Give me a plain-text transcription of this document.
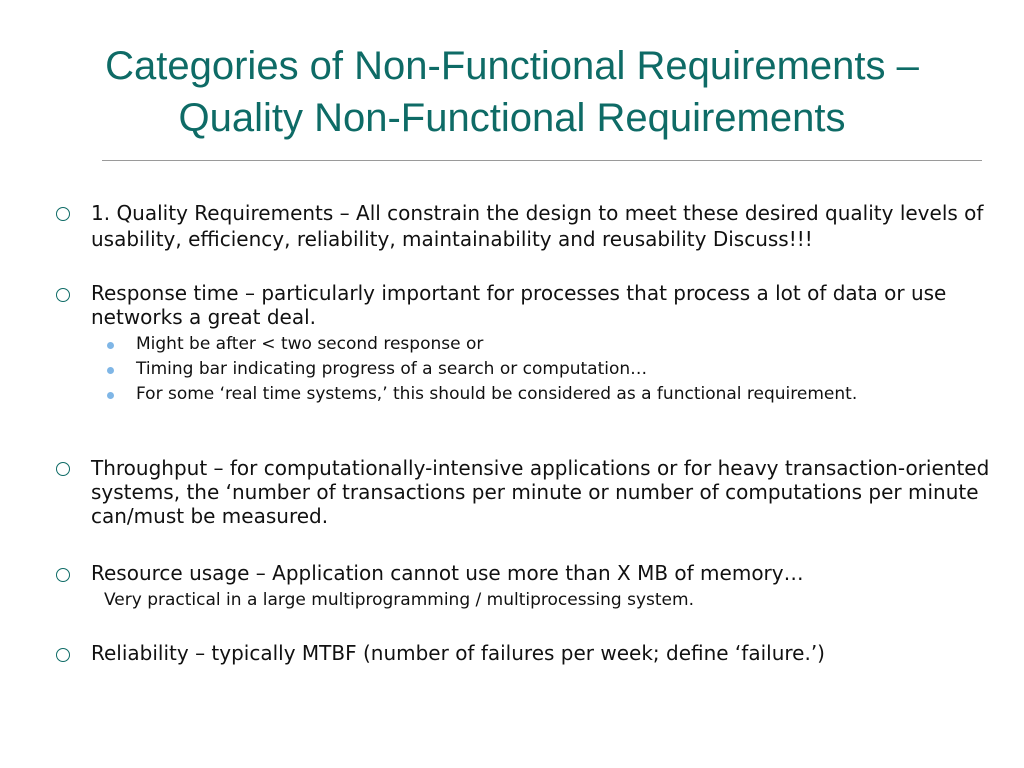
Categories of Non-Functional Requirements –
Quality Non-Functional Requirements
1. Quality Requirements – All constrain the design to meet these desired quality levels of usability, efficiency, reliability, maintainability and reusability Discuss!!!
Response time – particularly important for processes that process a lot of data or use networks a great deal.
Might be after < two second response or
Timing bar indicating progress of a search or computation…
For some ‘real time systems,’ this should be considered as a functional requirement.
Throughput – for computationally-intensive applications or for heavy transaction-oriented systems, the ‘number of transactions per minute or number of computations per minute can/must be measured.
Resource usage – Application cannot use more than X MB of memory…
Very practical in a large multiprogramming / multiprocessing system.
Reliability – typically MTBF (number of failures per week; define ‘failure.’)
